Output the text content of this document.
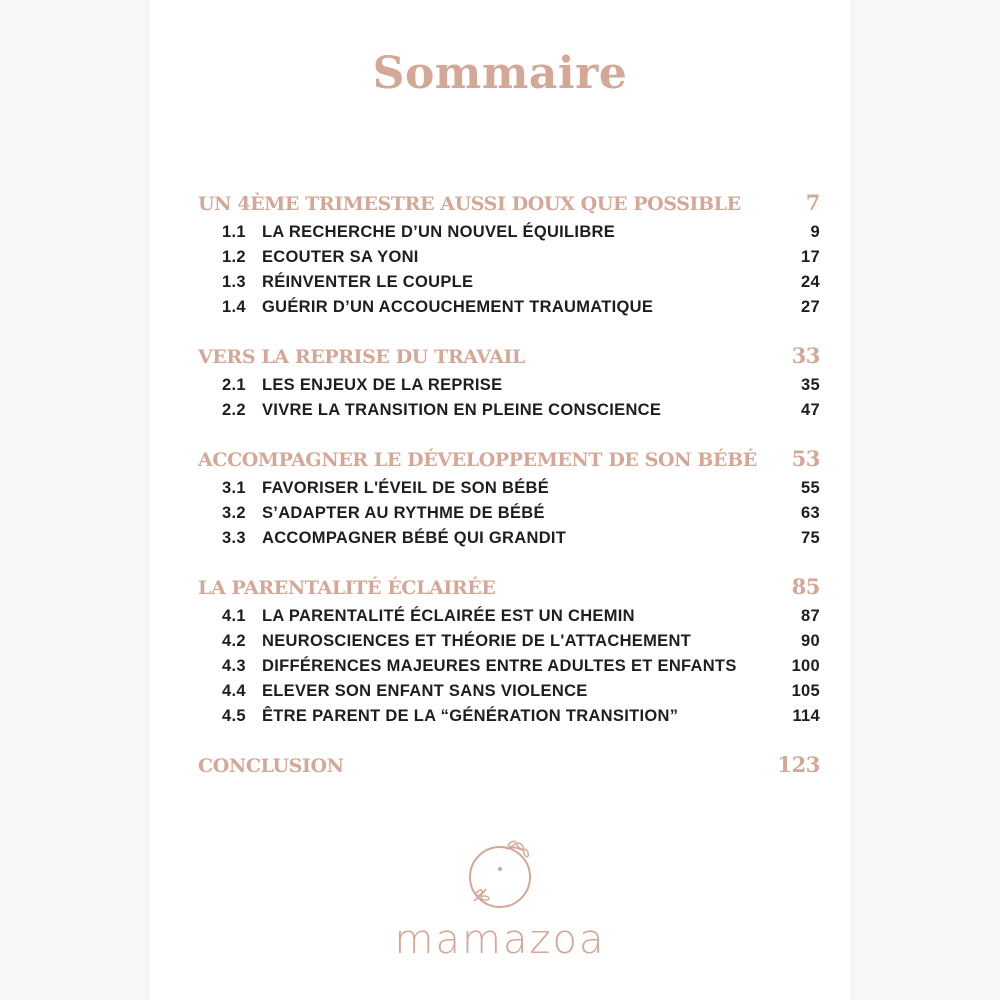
Sommaire
UN 4ÈME TRIMESTRE AUSSI DOUX QUE POSSIBLE	7
1.1 LA RECHERCHE D’UN NOUVEL ÉQUILIBRE	9
1.2 ECOUTER SA YONI	17
1.3 RÉINVENTER LE COUPLE	24
1.4 GUÉRIR D’UN ACCOUCHEMENT TRAUMATIQUE	27
VERS LA REPRISE DU TRAVAIL	33
2.1 LES ENJEUX DE LA REPRISE	35
2.2 VIVRE LA TRANSITION EN PLEINE CONSCIENCE	47
ACCOMPAGNER LE DÉVELOPPEMENT DE SON BÉBÉ 53
3.1 FAVORISER L'ÉVEIL DE SON BÉBÉ	55
3.2 S’ADAPTER AU RYTHME DE BÉBÉ	63
3.3 ACCOMPAGNER BÉBÉ QUI GRANDIT	75
LA PARENTALITÉ ÉCLAIRÉE	85
4.1 LA PARENTALITÉ ÉCLAIRÉE EST UN CHEMIN	87
4.2 NEUROSCIENCES ET THÉORIE DE L'ATTACHEMENT	90
4.3 DIFFÉRENCES MAJEURES ENTRE ADULTES ET ENFANTS	100
4.4 ELEVER SON ENFANT SANS VIOLENCE	105
4.5 ÊTRE PARENT DE LA “GÉNÉRATION TRANSITION”	114
CONCLUSION	123
mamazoa
